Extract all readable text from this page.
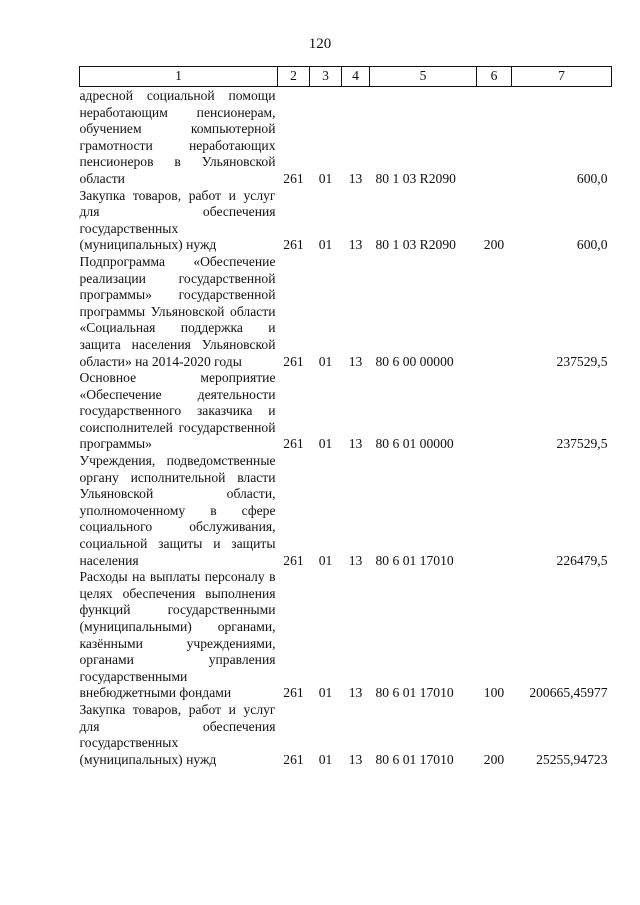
120
1	2	3	4	5	6	7
адресной социальной помощи неработающим пенсионерам, обучением компьютерной грамотности неработающих пенсионеров в Ульяновской области	261	01	13	80 1 03 R2090		600,0
Закупка товаров, работ и услуг для обеспечения государственных (муниципальных) нужд	261	01	13	80 1 03 R2090	200	600,0
Подпрограмма «Обеспечение реализации государственной программы» государственной программы Ульяновской области «Социальная поддержка и защита населения Ульяновской области» на 2014-2020 годы	261	01	13	80 6 00 00000		237529,5
Основное мероприятие «Обеспечение деятельности государственного заказчика и соисполнителей государственной программы»	261	01	13	80 6 01 00000		237529,5
Учреждения, подведомственные органу исполнительной власти Ульяновской области, уполномоченному в сфере социального обслуживания, социальной защиты и защиты населения	261	01	13	80 6 01 17010		226479,5
Расходы на выплаты персоналу в целях обеспечения выполнения функций государственными (муниципальными) органами, казёнными учреждениями, органами управления государственными внебюджетными фондами	261	01	13	80 6 01 17010	100	200665,45977
Закупка товаров, работ и услуг для обеспечения государственных (муниципальных) нужд	261	01	13	80 6 01 17010	200	25255,94723
